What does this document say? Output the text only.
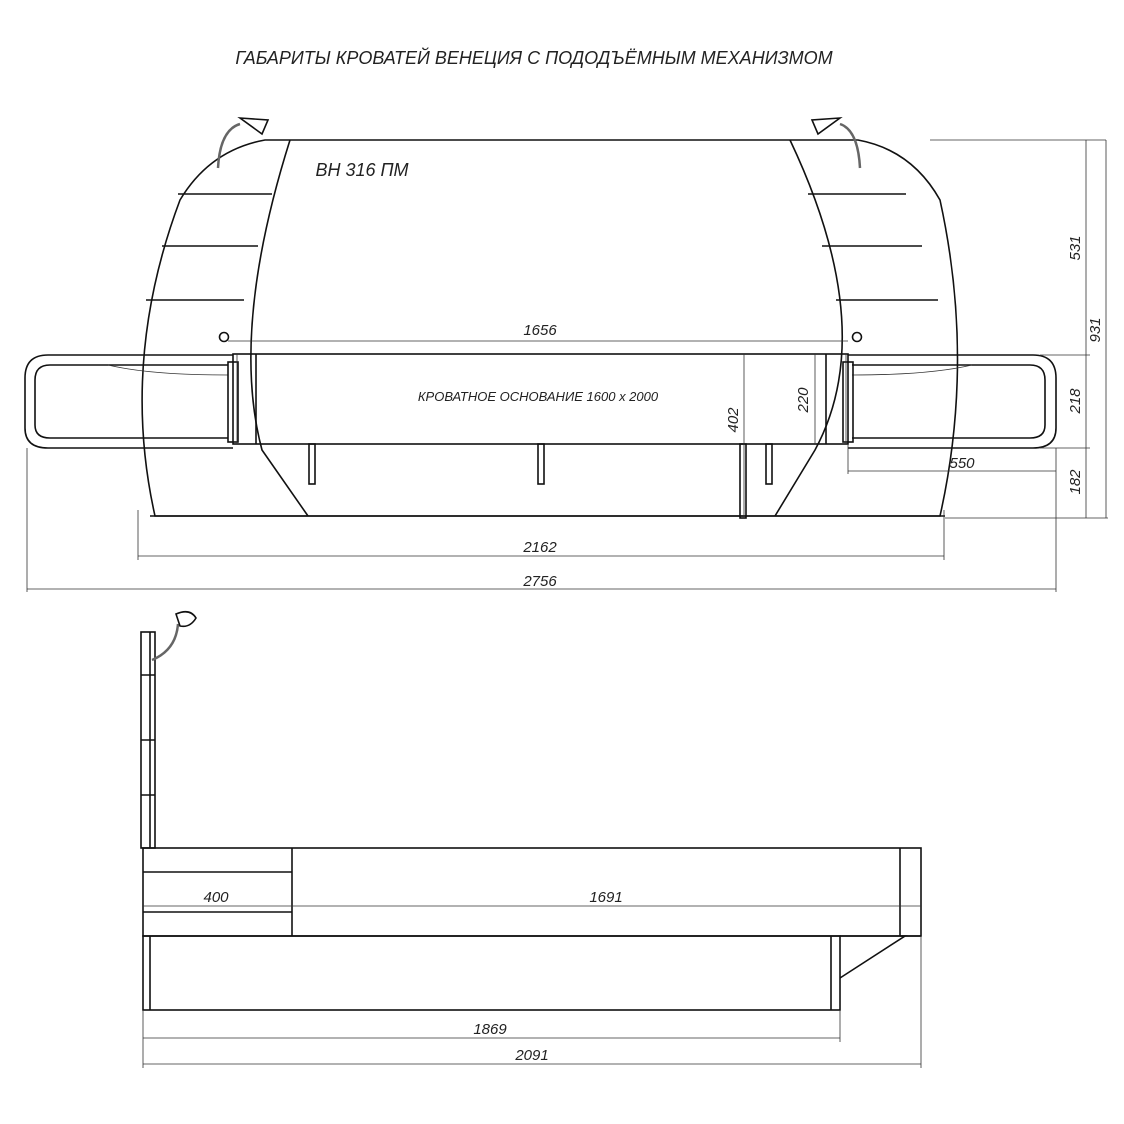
ГАБАРИТЫ КРОВАТЕЙ ВЕНЕЦИЯ С ПОДОДЪЁМНЫМ МЕХАНИЗМОМ
КРОВАТНОЕ ОСНОВАНИЕ 1600 x 2000
ВН 316 ПМ
1656
2162
2756
550
220
402
531
931
218
182
400	1691
1869
2091
